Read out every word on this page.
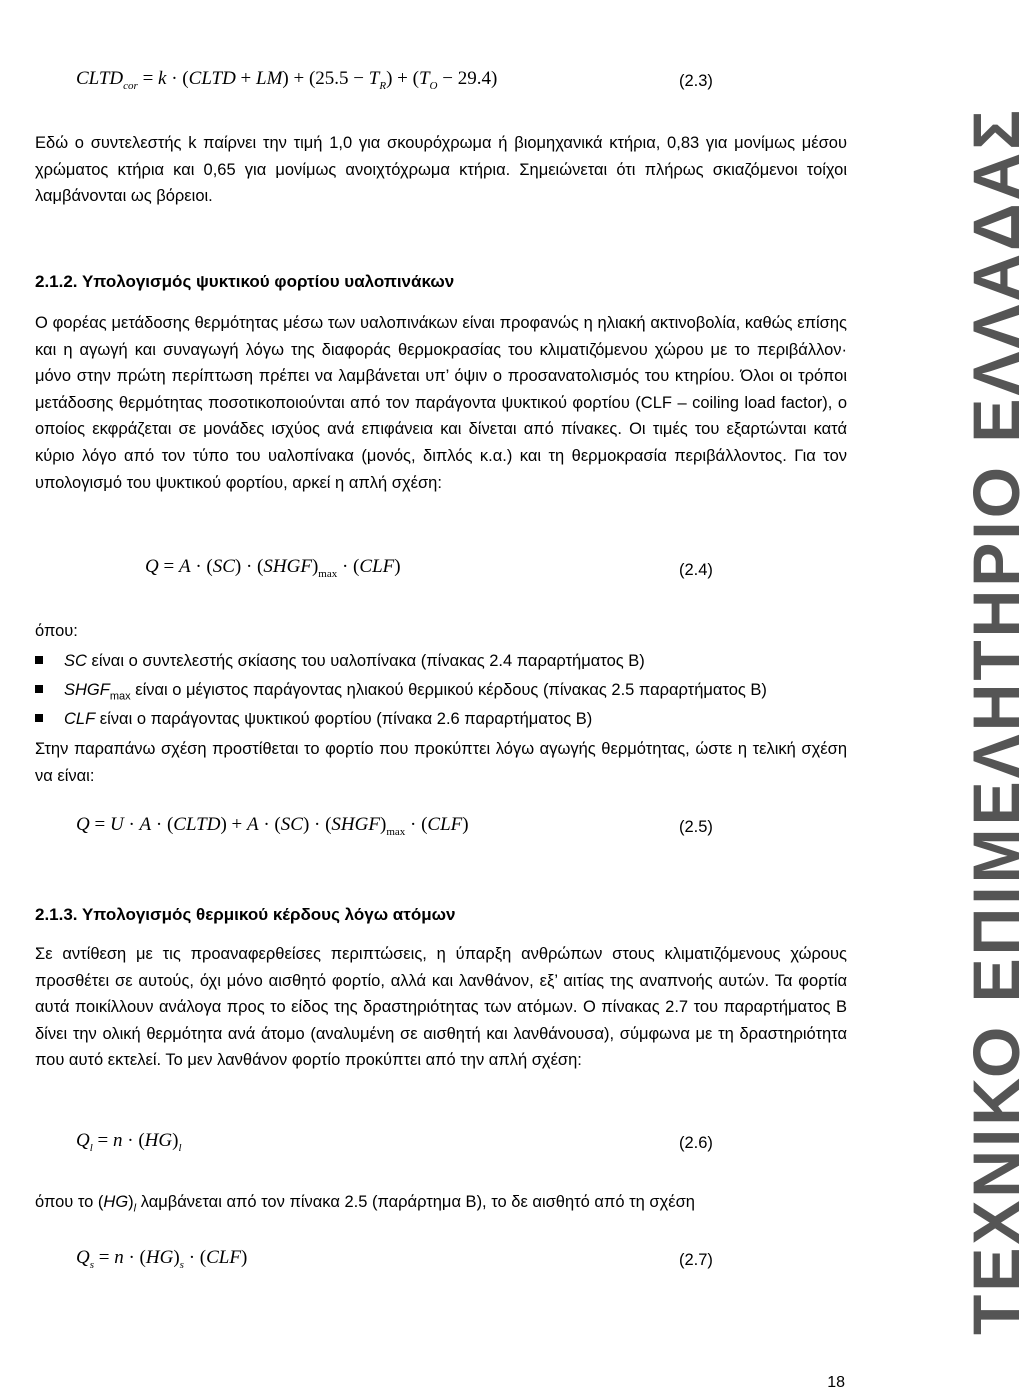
$CLTD_{cor} = k$ · (CLTD + $LM) + (25.5 - T_R) + (T_O - 29.4)$	(2.3)
Εδώ ο συντελεστής k παίρνει την τιμή 1,0 για σκουρόχρωμα ή βιομηχανικά κτήρια, 0,83 για μονίμως μέσου χρώματος κτήρια και 0,65 για μονίμως ανοιχτόχρωμα κτήρια. Σημειώνεται ότι πλήρως σκιαζόμενοι τοίχοι λαμβάνονται ως βόρειοι.
2.1.2. Υπολογισμός ψυκτικού φορτίου υαλοπινάκων
Ο φορέας μετάδοσης θερμότητας μέσω των υαλοπινάκων είναι προφανώς η ηλιακή ακτινοβολία, καθώς επίσης και η αγωγή και συναγωγή λόγω της διαφοράς θερμοκρασίας του κλιματιζόμενου χώρου με το περιβάλλον· μόνο στην πρώτη περίπτωση πρέπει να λαμβάνεται υπ’ όψιν ο προσανατολισμός του κτηρίου. Όλοι οι τρόποι μετάδοσης θερμότητας ποσοτικοποιούνται από τον παράγοντα ψυκτικού φορτίου (CLF – coiling load factor), ο οποίος εκφράζεται σε μονάδες ισχύος ανά επιφάνεια και δίνεται από πίνακες. Οι τιμές του εξαρτώνται κατά κύριο λόγο από τον τύπο του υαλοπίνακα (μονός, διπλός κ.α.) και τη θερμοκρασία περιβάλλοντος. Για τον υπολογισμό του ψυκτικού φορτίου, αρκεί η απλή σχέση:
$Q = A \cdot (SC) \cdot (SHGF)_{max} \cdot (CLF)$	(2.4)
όπου:
SC είναι ο συντελεστής σκίασης του υαλοπίνακα (πίνακας 2.4 παραρτήματος Β)
$SHGF_{max}$ είναι ο μέγιστος παράγοντας ηλιακού θερμικού κέρδους (πίνακας 2.5 παραρτήματος Β)
CLF είναι ο παράγοντας ψυκτικού φορτίου (πίνακα 2.6 παραρτήματος Β)
Στην παραπάνω σχέση προστίθεται το φορτίο που προκύπτει λόγω αγωγής θερμότητας, ώστε η τελική σχέση να είναι:
Q = U · A · (CLTD) + $A \cdot (SC) \cdot (SHGF)_{max} \cdot (CLF)$	(2.5)
2.1.3. Υπολογισμός θερμικού κέρδους λόγω ατόμων
Σε αντίθεση με τις προαναφερθείσες περιπτώσεις, η ύπαρξη ανθρώπων στους κλιματιζόμενους χώρους προσθέτει σε αυτούς, όχι μόνο αισθητό φορτίο, αλλά και λανθάνον, εξ’ αιτίας της αναπνοής αυτών. Τα φορτία αυτά ποικίλλουν ανάλογα προς το είδος της δραστηριότητας των ατόμων. Ο πίνακας 2.7 του παραρτήματος Β δίνει την ολική θερμότητα ανά άτομο (αναλυμένη σε αισθητή και λανθάνουσα), σύμφωνα με τη δραστηριότητα που αυτό εκτελεί. Το μεν λανθάνον φορτίο προκύπτει από την απλή σχέση:
$Q_l = n \cdot (HG)_l$	(2.6)
όπου το $(HG)_l$ λαμβάνεται από τον πίνακα 2.5 (παράρτημα Β), το δε αισθητό από τη σχέση
$Q_s = n \cdot (HG)_s \cdot (CLF)$	(2.7)	ΤΕΧΝΙΚΟ ΕΠΙΜΕΛΗΤΗΡΙΟ ΕΛΛΑΔΑΣ
18
